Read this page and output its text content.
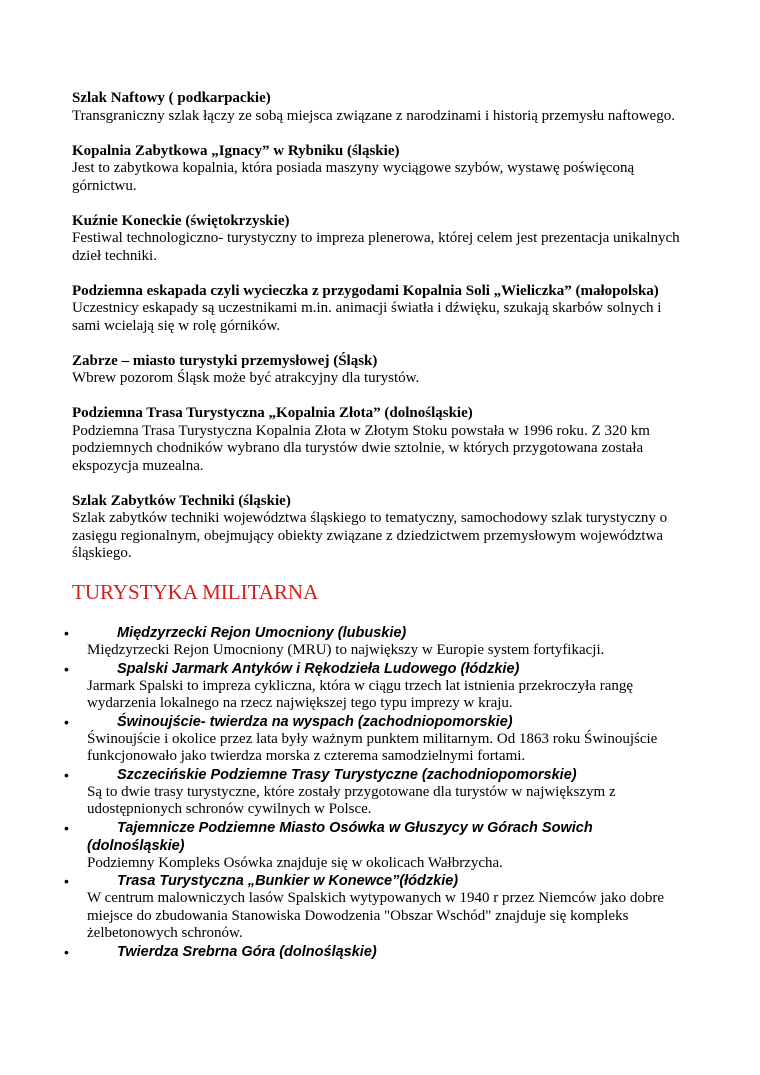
Szlak Naftowy ( podkarpackie)
Transgraniczny szlak łączy ze sobą miejsca związane z narodzinami i historią przemysłu naftowego.
Kopalnia Zabytkowa „Ignacy” w Rybniku (śląskie)
Jest to zabytkowa kopalnia, która posiada maszyny wyciągowe szybów, wystawę poświęconą górnictwu.
Kuźnie Koneckie (świętokrzyskie)
Festiwal technologiczno- turystyczny to impreza plenerowa, której celem jest prezentacja unikalnych dzieł techniki.
Podziemna eskapada czyli wycieczka z przygodami Kopalnia Soli „Wieliczka” (małopolska)
Uczestnicy eskapady są uczestnikami m.in. animacji światła i dźwięku, szukają skarbów solnych i sami wcielają się w rolę górników.
Zabrze – miasto turystyki przemysłowej (Śląsk)
Wbrew pozorom Śląsk może być atrakcyjny dla turystów.
Podziemna Trasa Turystyczna „Kopalnia Złota” (dolnośląskie)
Podziemna Trasa Turystyczna Kopalnia Złota w Złotym Stoku powstała w 1996 roku. Z 320 km podziemnych chodników wybrano dla turystów dwie sztolnie, w których przygotowana została ekspozycja muzealna.
Szlak Zabytków Techniki (śląskie)
Szlak zabytków techniki województwa śląskiego to tematyczny, samochodowy szlak turystyczny o zasięgu regionalnym, obejmujący obiekty związane z dziedzictwem przemysłowym województwa śląskiego.
TURYSTYKA MILITARNA
•	Międzyrzecki Rejon Umocniony (lubuskie)
Międzyrzecki Rejon Umocniony (MRU) to największy w Europie system fortyfikacji.
•	Spalski Jarmark Antyków i Rękodzieła Ludowego (łódzkie)
Jarmark Spalski to impreza cykliczna, która w ciągu trzech lat istnienia przekroczyła rangę wydarzenia lokalnego na rzecz największej tego typu imprezy w kraju.
•	Świnoujście- twierdza na wyspach (zachodniopomorskie)
Świnoujście i okolice przez lata były ważnym punktem militarnym. Od 1863 roku Świnoujście funkcjonowało jako twierdza morska z czterema samodzielnymi fortami.
•	Szczecińskie Podziemne Trasy Turystyczne (zachodniopomorskie)
Są to dwie trasy turystyczne, które zostały przygotowane dla turystów w największym z udostępnionych schronów cywilnych w Polsce.
•	Tajemnicze Podziemne Miasto Osówka w Głuszycy w Górach Sowich (dolnośląskie)
Podziemny Kompleks Osówka znajduje się w okolicach Wałbrzycha.
•	Trasa Turystyczna „Bunkier w Konewce”(łódzkie)
W centrum malowniczych lasów Spalskich wytypowanych w 1940 r przez Niemców jako dobre miejsce do zbudowania Stanowiska Dowodzenia "Obszar Wschód" znajduje się kompleks żelbetonowych schronów.
•	Twierdza Srebrna Góra (dolnośląskie)
